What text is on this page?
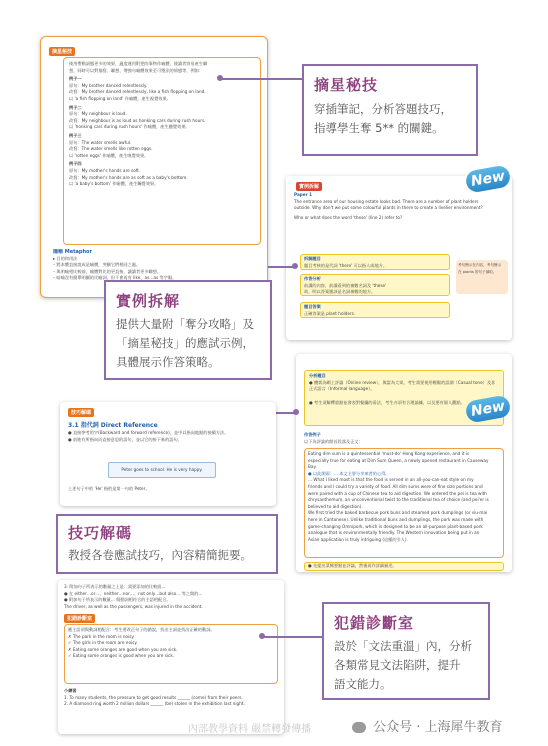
摘星秘技
使用帶動詞態更多的效果，適度運用附把的事物作喻體，使讀者容易產生聯
想，同時可以對描寫、聯想、增強句喻體效果至可塑法的情感等，例如：
例子一
原句：My brother danced relentlessly.
改寫：My brother danced relentlessly, like a fish flopping on land.
以 'a fish flopping on land' 作喻體，產生視覺效果。
例子二
原句：My neighbour is loud.
改寫：My neighbour is as loud as honking cars during rush hours.
以 'honking cars during rush hours' 作喻體，產生聽覺效果。
例子三
原句：The water smells awful.
改寫：The water smells like rotten eggs.
以 'rotten eggs' 作喻體，產生嗅覺效果。
例子四
原句：My mother's hands are soft.
改寫：My mother's hands are as soft as a baby's bottom.
以 'a baby's bottom' 作喻體，產生觸覺效果。
隱喻 Metaphor
▸ 目的和用法
– 將本體直接說成是喻體，突顯它們相同之處。
– 與明喻相比較前，喻體對比的更直接，讓讀者更多聯想。
– 暗喻沒有簡單明顯的比喻詞，但不會再有 like、as…as 等字眼。
摘星秘技
穿插筆記，分析答題技巧，
指導學生奪 5** 的關鍵。
實例拆解
Paper 1
The entrance area of our housing estate looks bad. There are a number of plant holders
outside. Why don't we put some colourful plants in there to create a livelier environment?
Who or what does the word 'these' (line 2) refer to?
拆解題目
題目考核的是代詞 'there' 可以指人或地方。
作答分析
前讀的內容，前讀看到的複數名詞及 'these'
故，明以答案應該是名詞複數的地方。
題目答案
正確答案是 plant holders.
考句簡示在內容，考句簡示
在 plants 的句子讀取。
New
實例拆解
提供大量附「奪分攻略」及
「摘星秘技」的應試示例，
具體展示作答策略。
分析題目
● 體裁為網上評論（Online review），與當為大眾，考生需要使用輕鬆的語調（Casual tone）及非正式語言（Informal language）。
● 考生須解釋重點並發表對餐廳的看法，考生亦須有合理論據，以及要有個人觀點。
作答例子
以下為評論的開首段落及正文：
Eating dim sum is a quintessential 'must-do' Hong Kong experience, and it is
especially true for eating at Dim Sum Queen, a newly opened restaurant in Causeway
Bay.
● 以此開頭：... 本文主要分享來者的心得。
... What I liked most is that the food is served in an all-you-can-eat style on my
friends and I could try a variety of food. All dim sums were of fine size portions and
were paired with a cup of Chinese tea to aid digestion. We ordered the pei is tea with
chrysanthemum, an unconventional twist to the traditional tea of choice (and pei'er is
believed to aid digestion).
We first tried the baked barbecue pork buns and steamed pork dumplings (or siu-mai
here in Cantonese). Unlike traditional buns and dumplings, the pork was made with
game-changing Omnipork, which is designed to be an all-purpose plant-based pork
analogue that is environmentally friendly. The Western innovation being put in an
Asian application is truly intriguing (這樣的引人).
● 先提出菜餚要點並評論，然後再作詳細描述。
New
技巧解碼
3.1 指代詞 Direct Reference
● 直接參考的字(Backward and forward reference)，並中以指向地點的接續方法。
● 前進有所指向而直接意思的語句，並以它的接下來的語句。
Peter goes to school. He is very happy.
上述句子中的 'He' 指的是第一句的 Peter。
技巧解碼
教授各卷應試技巧，內容精簡扼要。
3. 附加句子所表示的數量之上是：需要添加的比較級...
● 在 either…or…、neither…nor…、not only…but also… 等之間的...
● 附加句子所表示的數量... 與動詞相符合的主語相配合。
The driver, as well as the passengers, was injured in the accident.
犯錯診斷室
應主語須與動詞相配合：考生要改正句子的錯誤，找出主詞並找出正確的動詞。
✗ The park in the room is noisy.
✓ The girls in the room are noisy.
✗ Eating some oranges are good when you are sick.
✓ Eating some oranges is good when you are sick.
小練習
1. To many students, the pressure to get good results ______ (come) from their peers.
2. A diamond ring worth 2 million dollars ______ (be) stolen in the exhibition last night.
犯錯診斷室
設於「文法重溫」內，分析
各類常見文法陷阱，提升
語文能力。
內部教學資料 嚴禁轉發傳播	公众号 · 上海犀牛教育
